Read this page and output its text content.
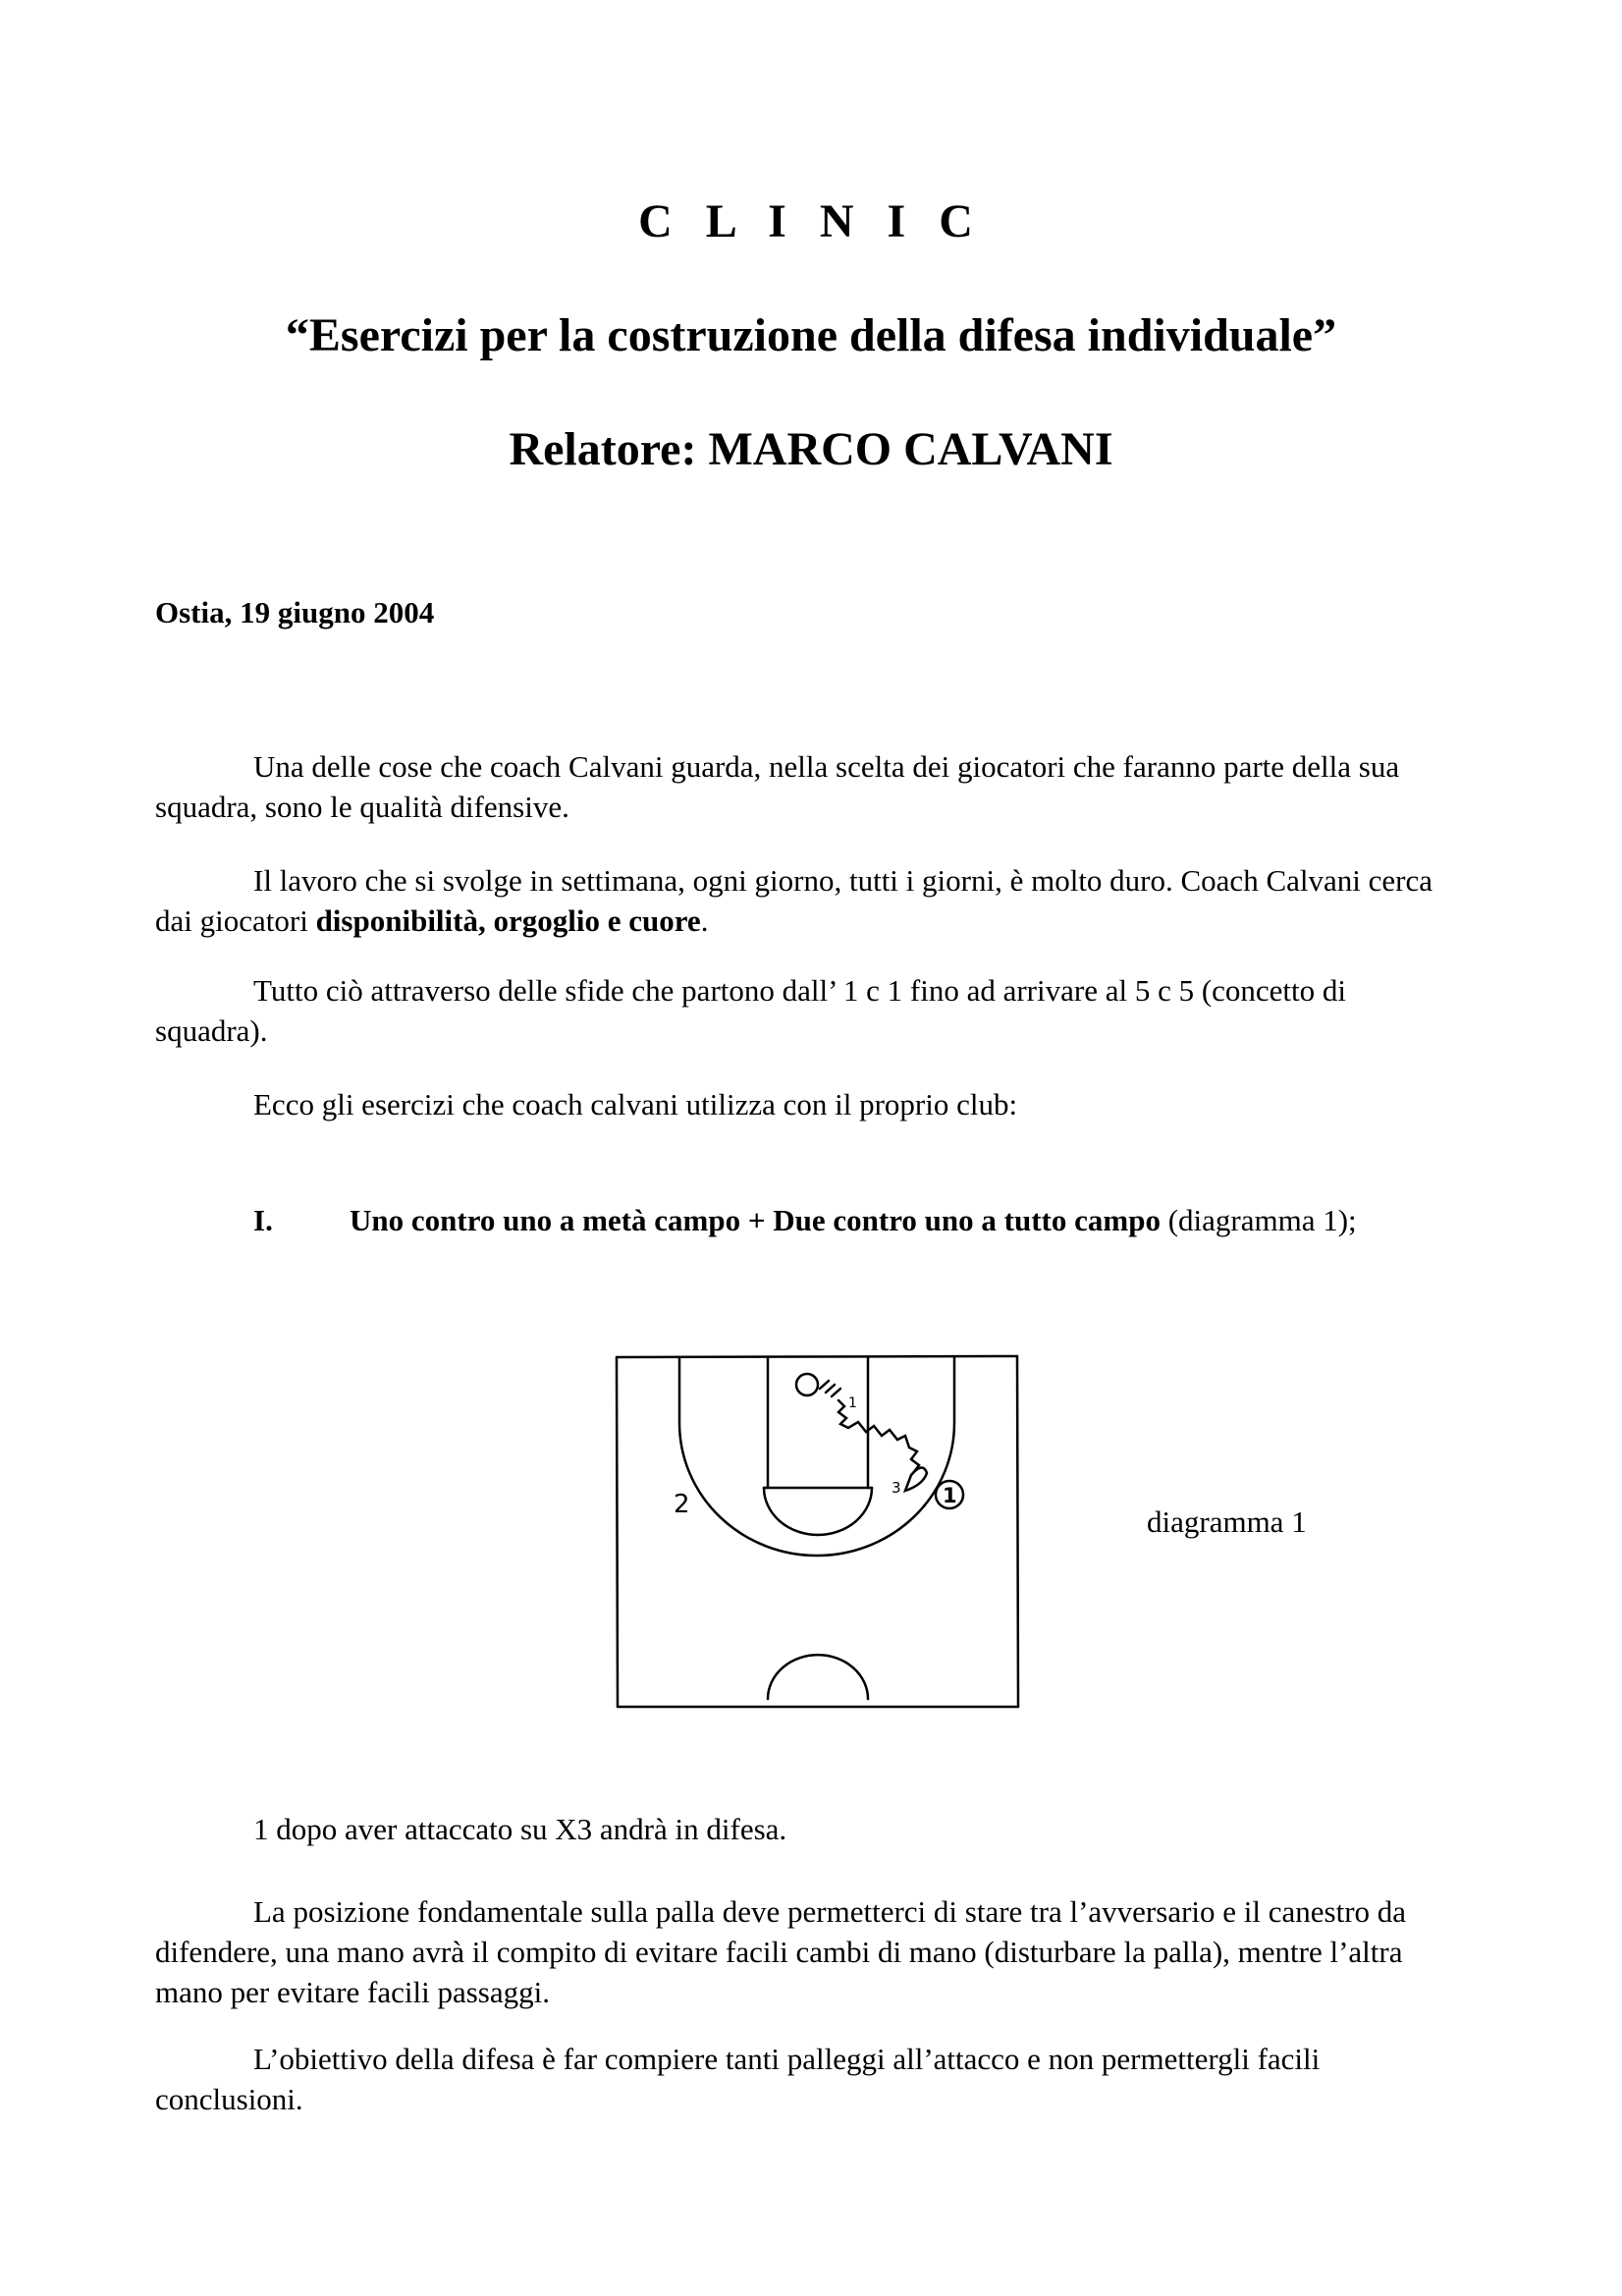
C L I N I C
“Esercizi per la costruzione della difesa individuale”
Relatore: MARCO CALVANI

Ostia, 19 giugno 2004

Una delle cose che coach Calvani guarda, nella scelta dei giocatori che faranno parte della sua squadra, sono le qualità difensive.

Il lavoro che si svolge in settimana, ogni giorno, tutti i giorni, è molto duro. Coach Calvani cerca dai giocatori disponibilità, orgoglio e cuore.

Tutto ciò attraverso delle sfide che partono dall’ 1 c 1 fino ad arrivare al 5 c 5 (concetto di squadra).

Ecco gli esercizi che coach calvani utilizza con il proprio club:

I.	Uno contro uno a metà campo + Due contro uno a tutto campo (diagramma 1);

1
2
3 1

diagramma 1

1 dopo aver attaccato su X3 andrà in difesa.

La posizione fondamentale sulla palla deve permetterci di stare tra l’avversario e il canestro da difendere, una mano avrà il compito di evitare facili cambi di mano (disturbare la palla), mentre l’altra mano per evitare facili passaggi.

L’obiettivo della difesa è far compiere tanti palleggi all’attacco e non permettergli facili conclusioni.
